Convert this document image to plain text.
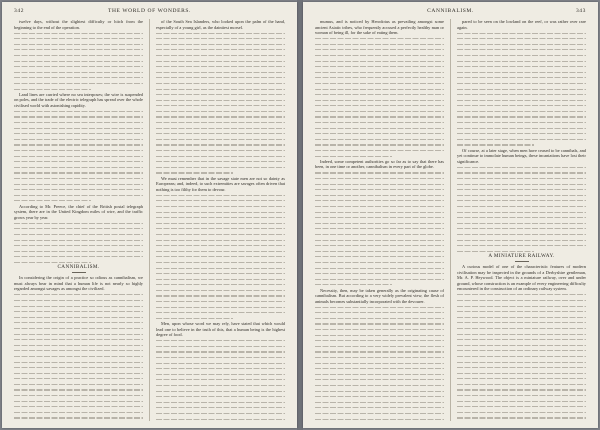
342	THE WORLD OF WONDERS.

twelve days, without the slightest difficulty or hitch from the beginning to the end of the operation.

Land lines are carried where no sea interposes; the wire is suspended on poles, and the trade of the electric telegraph has spread over the whole civilised world with astonishing rapidity.

According to Mr. Preece, the chief of the British postal telegraph system, there are in the United Kingdom miles of wire, and the traffic grows year by year.

CANNIBALISM.

In considering the origin of a practice so odious as cannibalism, we must always bear in mind that a human life is not nearly so highly regarded amongst savages as amongst the civilized.

of the South Sea Islanders, who looked upon the palm of the hand, especially of a young girl, as the daintiest morsel.

We must remember that in the savage state men are not so dainty as Europeans; and, indeed, to such extremities are savages often driven that nothing is too filthy for them to devour.

Men, upon whose word we may rely, have stated that which would lead one to believe in the truth of this, that a human being is the highest degree of food.

CANNIBALISM.	343

mumus, and is noticed by Herodotus as prevailing amongst some ancient Asiatic tribes, who frequently accused a perfectly healthy man or woman of being ill, for the sake of eating them.

Indeed, some competent authorities go so far as to say that there has been, in one time or another, cannibalism in every part of the globe.

Necessity, then, may be taken generally as the originating cause of cannibalism. But according to a very widely prevalent view, the flesh of animals becomes substantially incorporated with the devourer.

pared to be seen on the lowland on the reef, or was rather over rare again.

Of course, at a later stage, when men have ceased to be cannibals, and yet continue to immolate human beings, these incantations have lost their significance.

A MINIATURE RAILWAY.

A curious model of one of the characteristic features of modern civilisation may be inspected in the grounds of a Derbyshire gentleman, Mr. A. P. Heywood. The object is a miniature railway, over and under ground, whose construction is an example of every engineering difficulty encountered in the construction of an ordinary railway system.
